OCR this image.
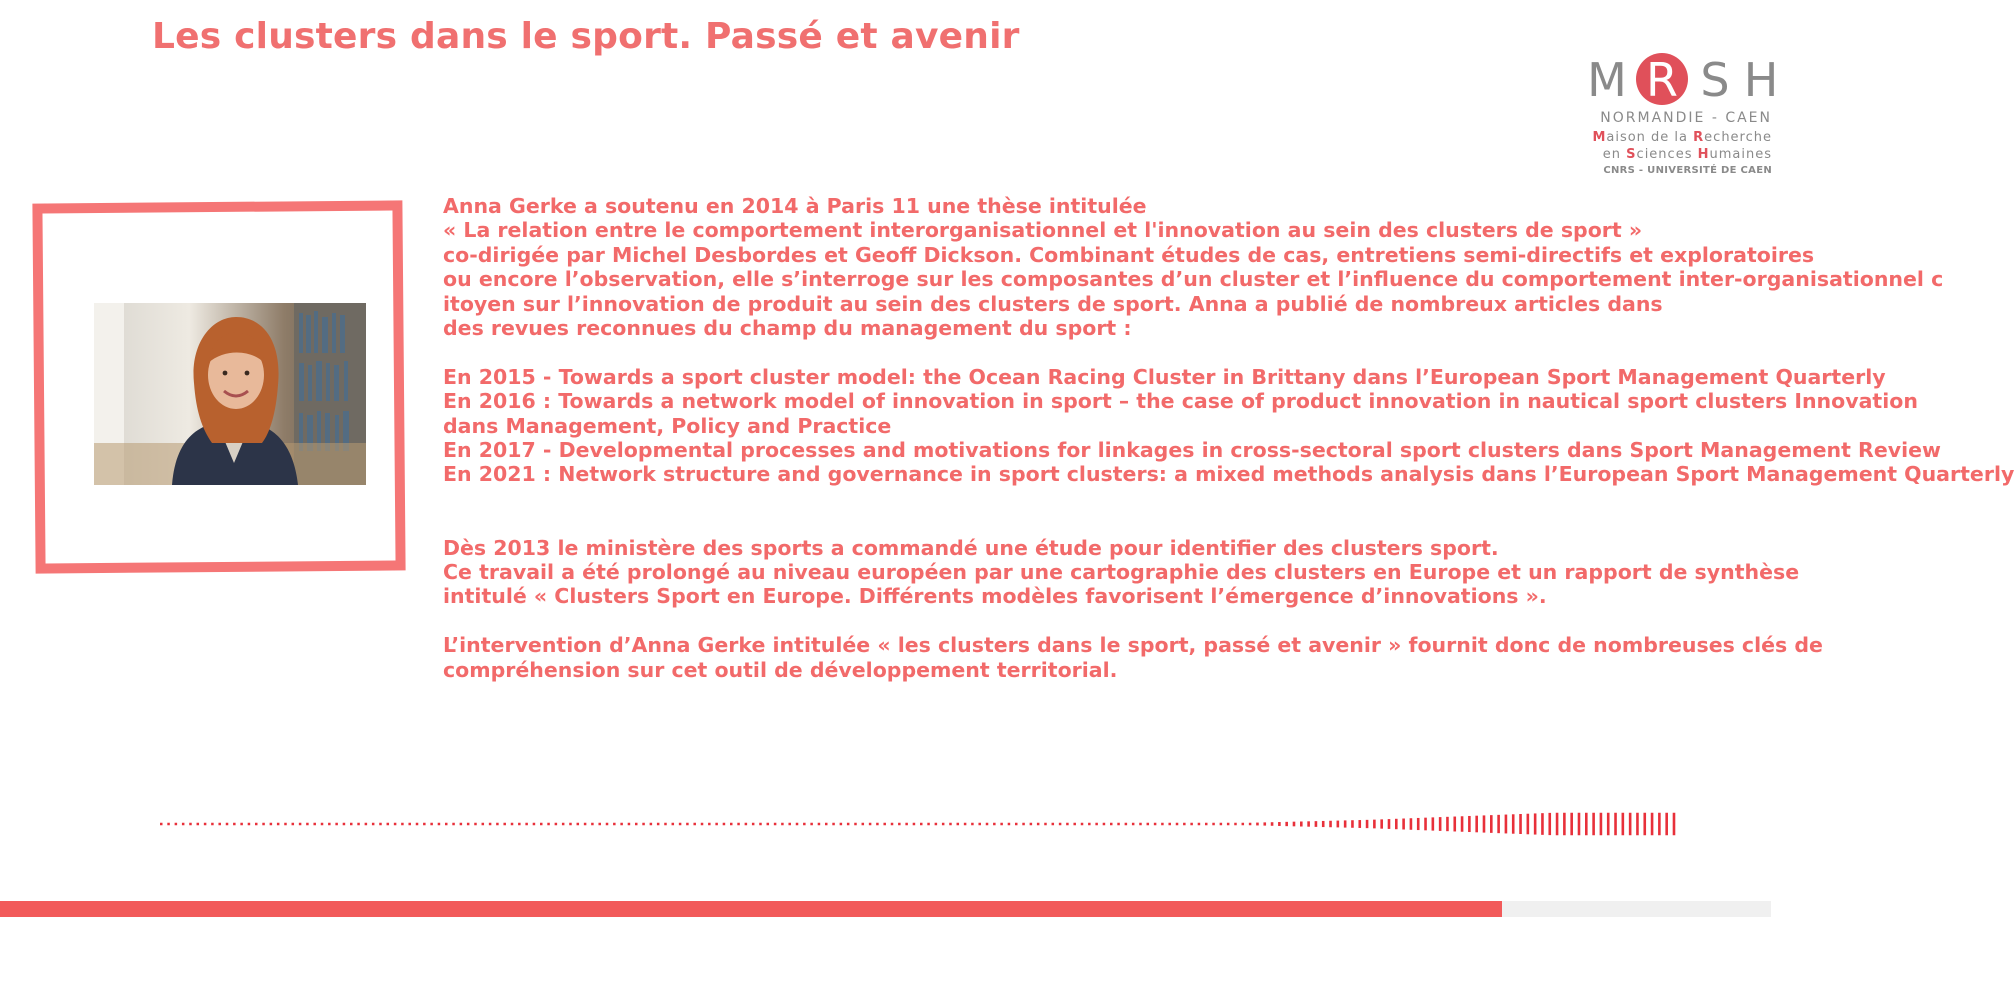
Les clusters dans le sport. Passé et avenir
M R S H
NORMANDIE - CAEN
Maison de la Recherche
en Sciences Humaines
CNRS - UNIVERSITÉ DE CAEN

Anna Gerke a soutenu en 2014 à Paris 11 une thèse intitulée

« La relation entre le comportement interorganisationnel et l'innovation au sein des clusters de sport »

co-dirigée par Michel Desbordes et Geoff Dickson. Combinant études de cas, entretiens semi-directifs et exploratoires

ou encore l’observation, elle s’interroge sur les composantes d’un cluster et l’influence du comportement inter-organisationnel c

itoyen sur l’innovation de produit au sein des clusters de sport. Anna a publié de nombreux articles dans

des revues reconnues du champ du management du sport :

En 2015 - Towards a sport cluster model: the Ocean Racing Cluster in Brittany dans l’European Sport Management Quarterly

En 2016 : Towards a network model of innovation in sport – the case of product innovation in nautical sport clusters Innovation

dans Management, Policy and Practice

En 2017 - Developmental processes and motivations for linkages in cross-sectoral sport clusters dans Sport Management Review

En 2021 : Network structure and governance in sport clusters: a mixed methods analysis dans l’European Sport Management Quarterly

Dès 2013 le ministère des sports a commandé une étude pour identifier des clusters sport.

Ce travail a été prolongé au niveau européen par une cartographie des clusters en Europe et un rapport de synthèse

intitulé « Clusters Sport en Europe. Différents modèles favorisent l’émergence d’innovations ».

L’intervention d’Anna Gerke intitulée « les clusters dans le sport, passé et avenir » fournit donc de nombreuses clés de

compréhension sur cet outil de développement territorial.
